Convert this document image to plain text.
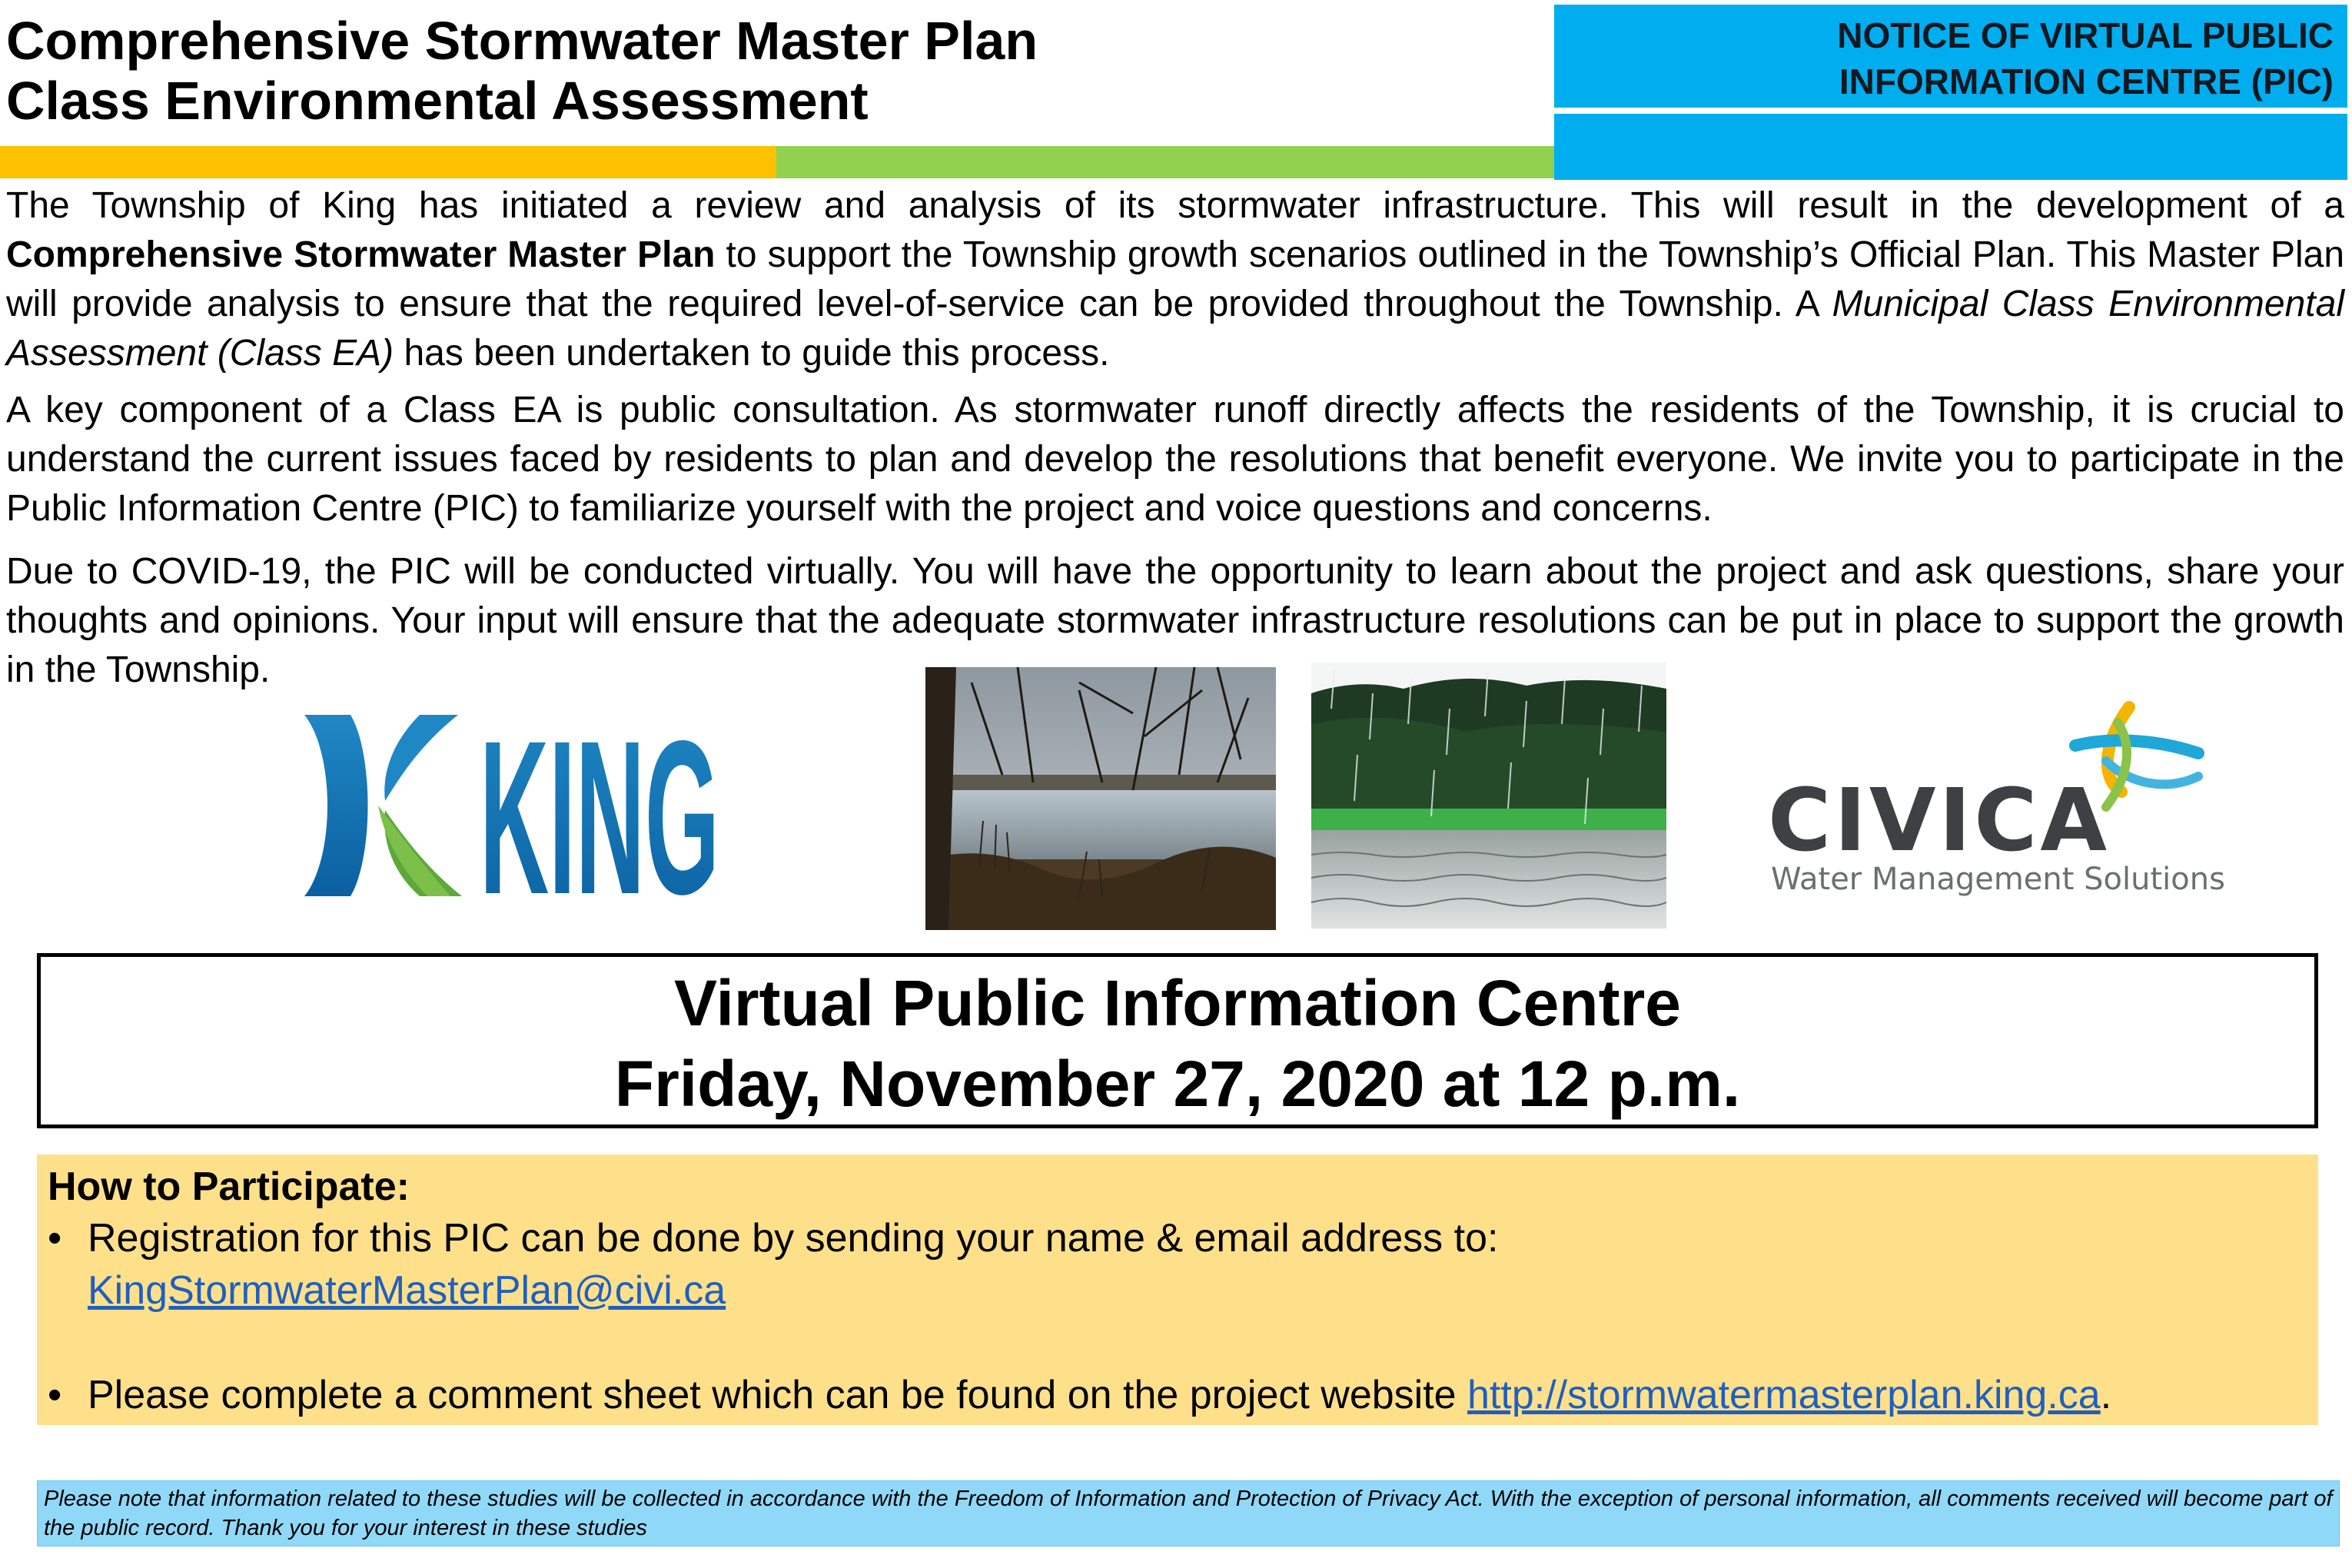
Comprehensive Stormwater Master Plan
Class Environmental Assessment
NOTICE OF VIRTUAL PUBLIC
INFORMATION CENTRE (PIC)

The Township of King has initiated a review and analysis of its stormwater infrastructure. This will result in the development of a Comprehensive Stormwater Master Plan to support the Township growth scenarios outlined in the Township’s Official Plan. This Master Plan will provide analysis to ensure that the required level-of-service can be provided throughout the Township. A Municipal Class Environmental Assessment (Class EA) has been undertaken to guide this process.

A key component of a Class EA is public consultation. As stormwater runoff directly affects the residents of the Township, it is crucial to understand the current issues faced by residents to plan and develop the resolutions that benefit everyone. We invite you to participate in the Public Information Centre (PIC) to familiarize yourself with the project and voice questions and concerns.

Due to COVID-19, the PIC will be conducted virtually. You will have the opportunity to learn about the project and ask questions, share your thoughts and opinions. Your input will ensure that the adequate stormwater infrastructure resolutions can be put in place to support the growth in the Township.

KING	CIVICA
Water Management Solutions
Virtual Public Information Centre
Friday, November 27, 2020 at 12 p.m.
How to Participate:
• Registration for this PIC can be done by sending your name & email address to:
KingStormwaterMasterPlan@civi.ca
• Please complete a comment sheet which can be found on the project website http://stormwatermasterplan.king.ca.
Please note that information related to these studies will be collected in accordance with the Freedom of Information and Protection of Privacy Act. With the exception of personal information, all comments received will become part of the public record. Thank you for your interest in these studies
